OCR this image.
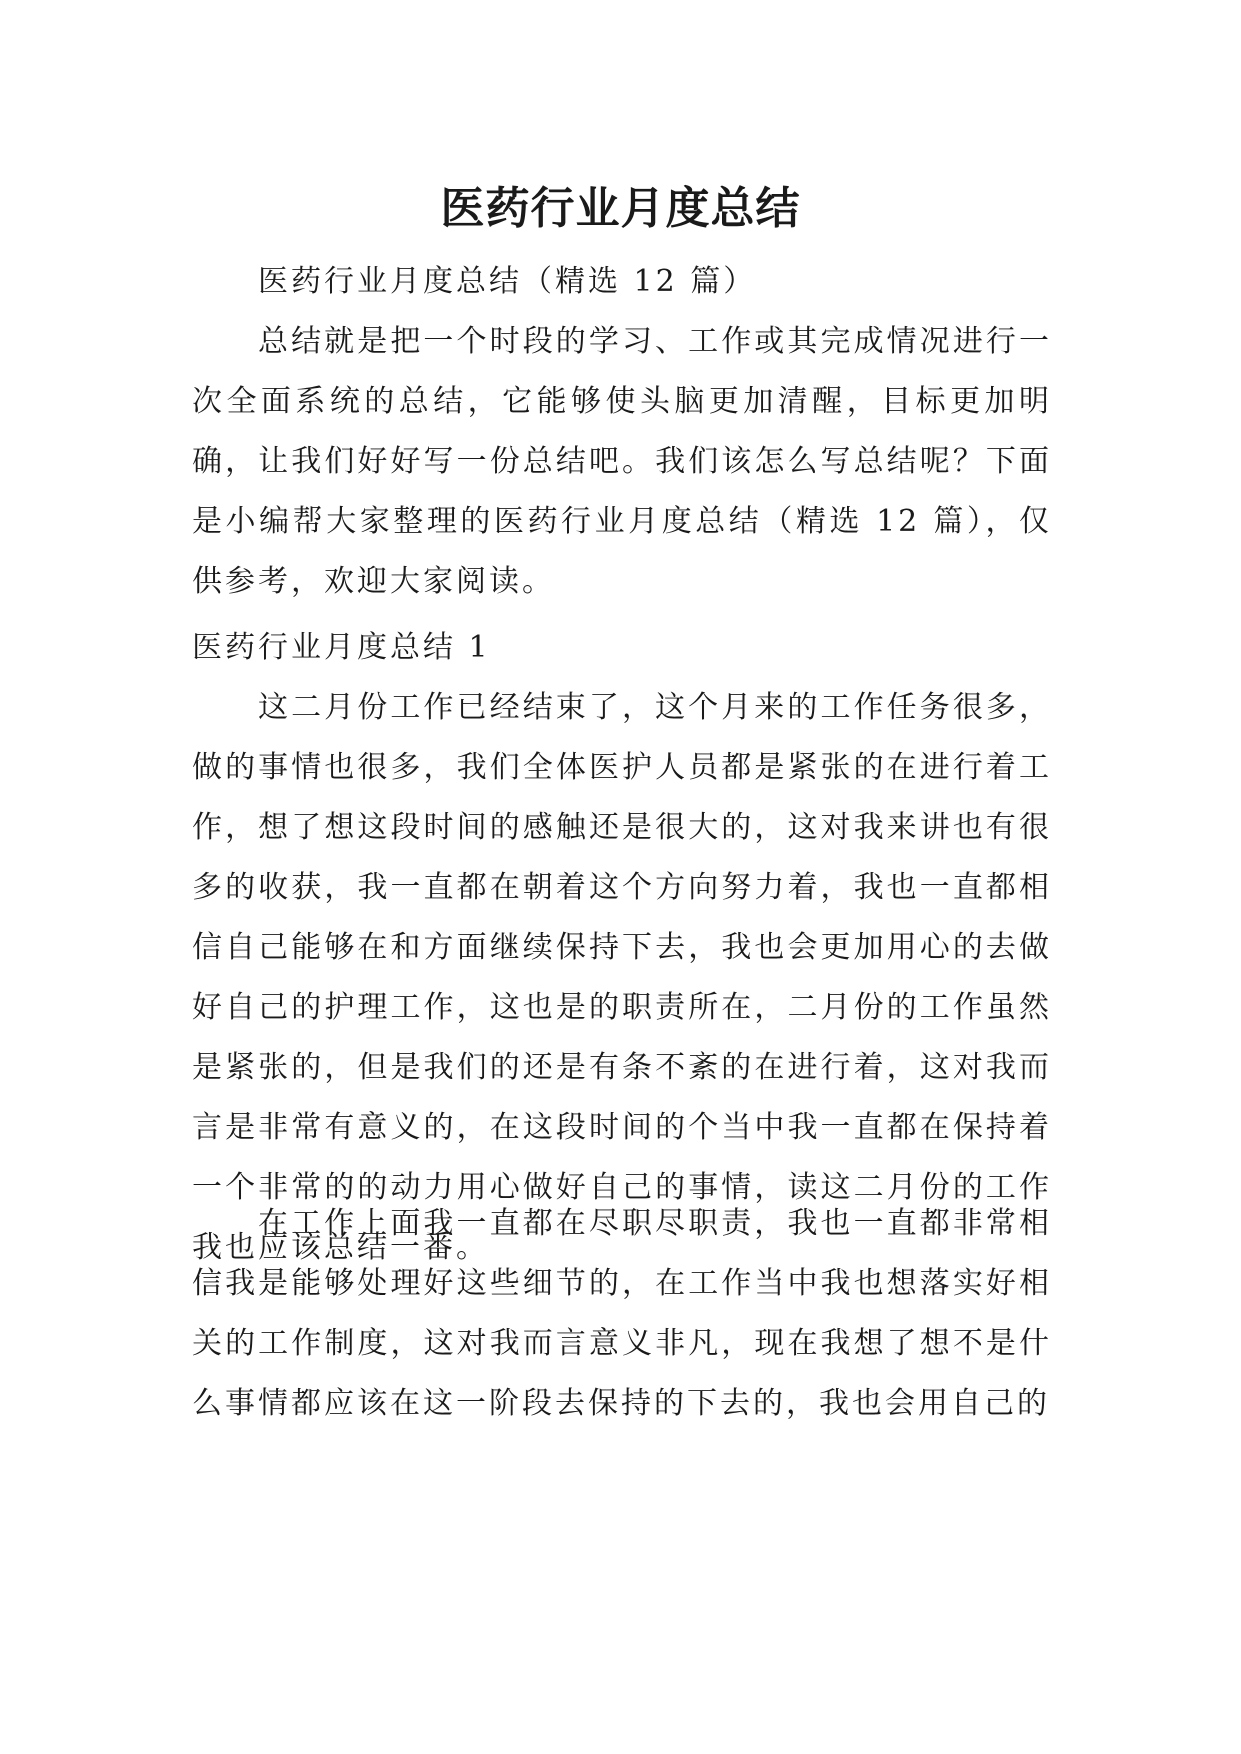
医药行业月度总结

医药行业月度总结（精选 12 篇）

总结就是把一个时段的学习、工作或其完成情况进行一次全面系统的总结，它能够使头脑更加清醒，目标更加明确，让我们好好写一份总结吧。我们该怎么写总结呢？下面是小编帮大家整理的医药行业月度总结（精选 12 篇），仅供参考，欢迎大家阅读。

医药行业月度总结 1

这二月份工作已经结束了，这个月来的工作任务很多，做的事情也很多，我们全体医护人员都是紧张的在进行着工作，想了想这段时间的感触还是很大的，这对我来讲也有很多的收获，我一直都在朝着这个方向努力着，我也一直都相信自己能够在和方面继续保持下去，我也会更加用心的去做好自己的护理工作，这也是的职责所在，二月份的工作虽然是紧张的，但是我们的还是有条不紊的在进行着，这对我而言是非常有意义的，在这段时间的个当中我一直都在保持着一个非常的的动力用心做好自己的事情，读这二月份的工作我也应该总结一番。

在工作上面我一直都在尽职尽职责，我也一直都非常相信我是能够处理好这些细节的，在工作当中我也想落实好相关的工作制度，这对我而言意义非凡，现在我想了想不是什么事情都应该在这一阶段去保持的下去的，我也会用自己的
